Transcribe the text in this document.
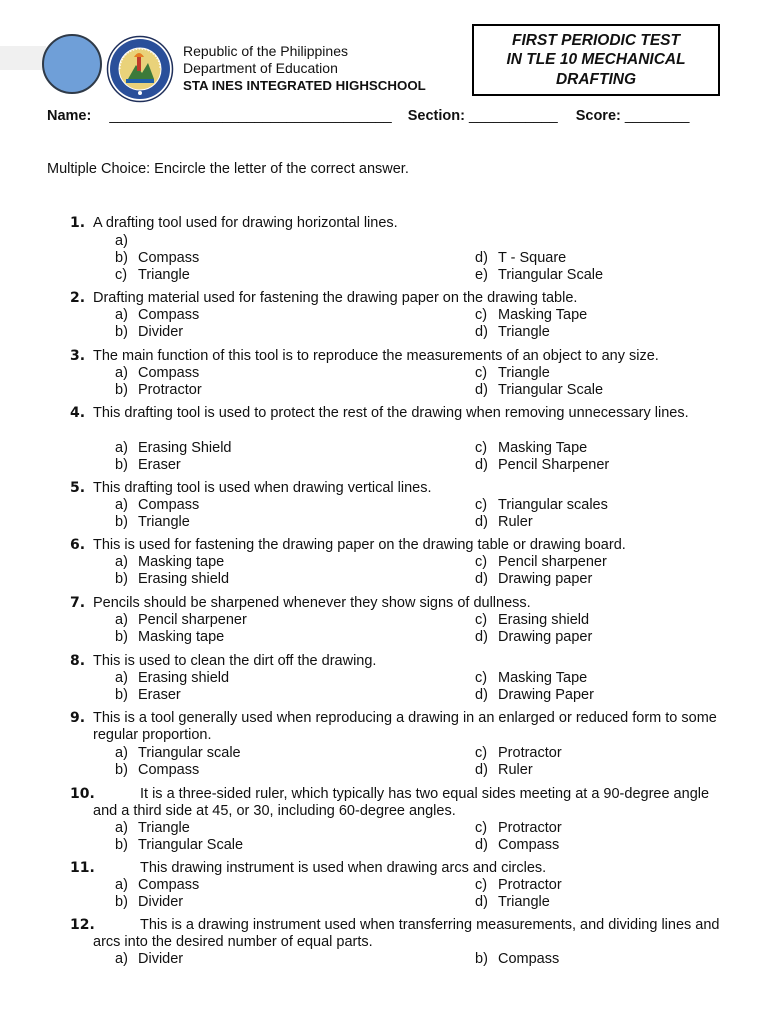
Republic of the Philippines
Department of Education
STA INES INTEGRATED HIGHSCHOOL
FIRST PERIODIC TEST
IN TLE 10 MECHANICAL
DRAFTING
Name: ___________________________________ Section: ___________ Score: ________
Multiple Choice: Encircle the letter of the correct answer.
1. A drafting tool used for drawing horizontal lines.
a)
b) Compass
c) Triangle
d) T - Square
e) Triangular Scale
2. Drafting material used for fastening the drawing paper on the drawing table.
a) Compass
b) Divider
c) Masking Tape
d) Triangle
3. The main function of this tool is to reproduce the measurements of an object to any size.
a) Compass
b) Protractor
c) Triangle
d) Triangular Scale
4. This drafting tool is used to protect the rest of the drawing when removing unnecessary lines.
a) Erasing Shield
b) Eraser
c) Masking Tape
d) Pencil Sharpener
5. This drafting tool is used when drawing vertical lines.
a) Compass
b) Triangle
c) Triangular scales
d) Ruler
6. This is used for fastening the drawing paper on the drawing table or drawing board.
a) Masking tape
b) Erasing shield
c) Pencil sharpener
d) Drawing paper
7. Pencils should be sharpened whenever they show signs of dullness.
a) Pencil sharpener
b) Masking tape
c) Erasing shield
d) Drawing paper
8. This is used to clean the dirt off the drawing.
a) Erasing shield
b) Eraser
c) Masking Tape
d) Drawing Paper
9. This is a tool generally used when reproducing a drawing in an enlarged or reduced form to some regular proportion.
a) Triangular scale
b) Compass
c) Protractor
d) Ruler
10.	It is a three-sided ruler, which typically has two equal sides meeting at a 90-degree angle and a third side at 45, or 30, including 60-degree angles.
a) Triangle
b) Triangular Scale
c) Protractor
d) Compass
11.	This drawing instrument is used when drawing arcs and circles.
a) Compass
b) Divider
c) Protractor
d) Triangle
12.	This is a drawing instrument used when transferring measurements, and dividing lines and arcs into the desired number of equal parts.
a) Divider	b) Compass
